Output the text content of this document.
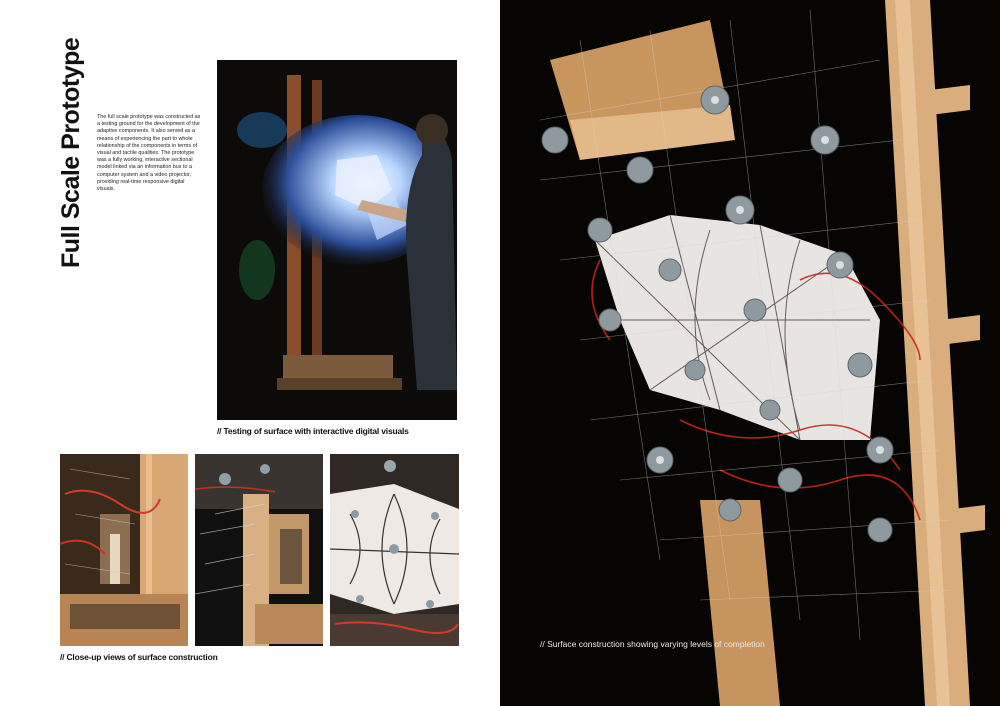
Full Scale Prototype The full scale prototype was constructed as a testing ground for the development of the adaptive components. It also served as a means of experiencing the part to whole relationship of the components in terms of visual and tactile qualities. The prototype was a fully working, interactive sectional model linked via an information bus to a computer system and a video projector, providing real-time responsive digital visuals.
// Testing of surface with interactive digital visuals
// Close-up views of surface construction
// Surface construction showing varying levels of completion
